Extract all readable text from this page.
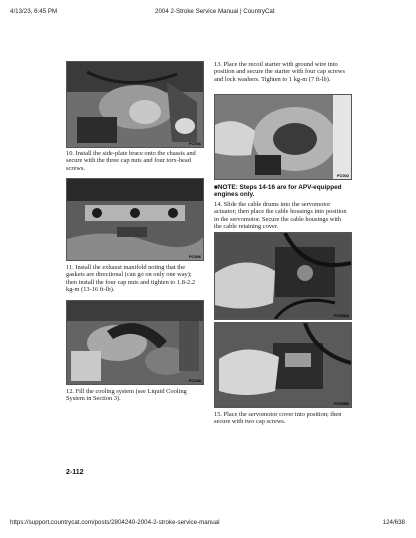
4/13/23, 6:45 PM	2004 2-Stroke Service Manual | CountryCat
FC001
10. Install the side-plate brace onto the chassis and secure with the three cap nuts and four torx-head screws.
FC006
11. Install the exhaust manifold noting that the gaskets are directional (can go on only one way); then install the four cap nuts and tighten to 1.8-2.2 kg-m (13-16 ft-lb).
FC049
12. Fill the cooling system (see Liquid Cooling System in Section 3).
13. Place the recoil starter with ground wire into position and secure the starter with four cap screws and lock washers. Tighten to 1 kg-m (7 ft-lb).
FC002
■NOTE: Steps 14-16 are for APV-equipped engines only.
14. Slide the cable drums into the servomotor actuator; then place the cable housings into position in the servomotor. Secure the cable housings with the cable retaining cover.
FC006A
FC006B
15. Place the servomotor cover into position; then secure with two cap screws.
2-112
https://support.countrycat.com/posts/2804240-2004-2-stroke-service-manual	124/638
